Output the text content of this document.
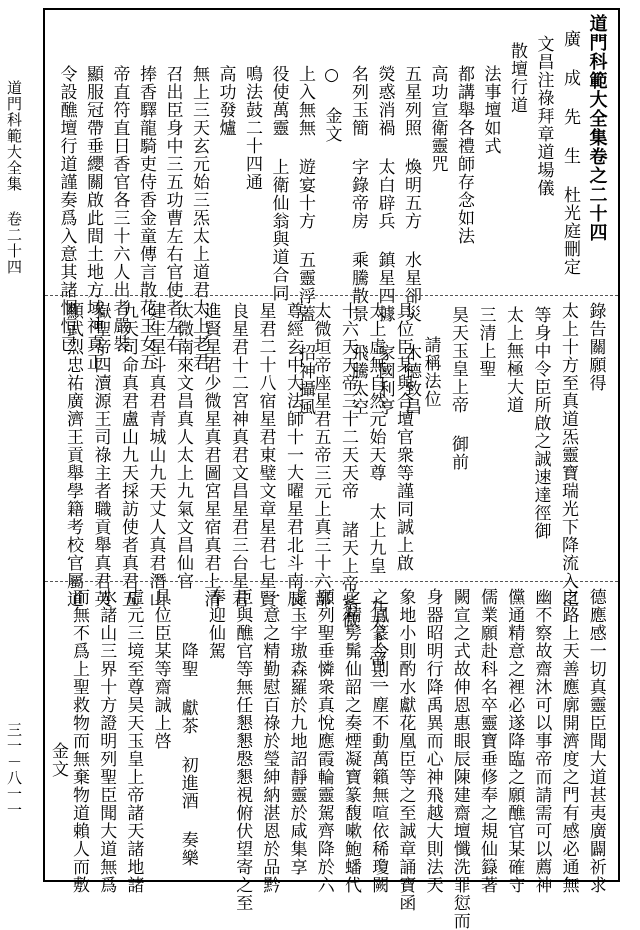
道門科範大全集 卷二十四
三一－八一一
道門科範大全集卷之二十四
廣 成 先 生 杜光庭刪定
文昌注祿拜章道場儀
散壇行道
法事壇如式
都講舉各禮師存念如法
高功宣衛靈咒
五星列照 煥明五方 水星卻災 木德致昌
熒惑消禍 太白辟兵 鎮星四據 家國利亨
名列玉簡 字錄帝房 乘騰散景 飛騰太空
○ 金文
上入無無 遊宴十方 五靈浮蓋 招神攝風
役使萬靈 上衛仙翁與道合同
鳴法鼓二十四通
高功發爐
無上三天玄元始三炁太上道君太上老君
召出臣身中三五功曹左右官使者左右
捧香驛龍騎吏侍香金童傳言散花玉女五
帝直符直日香官各三十六人出者嚴裝
顯服冠帶垂纓關啟此間土地方域神真正
令設醮壇行道謹奏爲入意其諸悃恒已	錄告關願得
太上十方至真道炁靈寶瑞光下降流入臣
等身中令臣所啟之誠速達徑御
太上無極大道
三清上聖
昊天玉皇上帝 御前
請稱法位
具位臣某與合壇官衆等謹同誠上啟
太上虛無自然元始天尊 太上九皇 九天上帝三
十六天天帝三十二天天帝 諸天上帝紫微
太微垣帝座星君五帝三元上真三十六部
尊經玄中大法師十一大曜星君北斗南辰
星君二十八宿星君東璧文章星君七星賢
良星君十二宮神真君文昌星君三台星君
進賢星君少微星真君圖宮星宿真君上清
太微南來文昌真人太上九氣文昌仙官
建生星斗真君青城山九天丈人真君潛山
九天司命真君盧山九天採訪使者真君五
嶽聖帝四瀆源王司祿主者職貢舉真君英
顯武烈忠祐廣濟王貢舉學籍考校官屬道
德應感一切真靈臣聞大道甚夷廣闢祈求
之路上天善應廓開濟度之門有感必通無
幽不察故齋沐可以事帝而請需可以薦神
儻通精意之裡必遂降臨之願醮官某確守
儒業願赴科名卒靈寶垂修奉之規仙籙著
闕宣之式故伸恩惠眼辰陳建齋壇懺洗罪愆而
身器昭明行降禹異而心神飛越大則法天
象地小則酌水獻花凰臣等之至誠章誦寶函
之鳳篆今則一塵不動萬籟無喧依稀瓊闕
之精髣髴仙韶之奏煙凝寶篆馥嗽鮑蟠代
願列聖垂憐衆真悅應霞輪靈駕齊降於六
虛玉宇璈森羅於九地詔靜靈於咸集享
一意之精勤慰百祿於瑩紳納湛恩於品黔
臣與醮官等無任懇懇慇懇視俯伏望寄之至
奉迎仙駕
降聖 獻茶 初進酒 奏樂
具位臣某等齋誠上啓
虛元三境至尊昊天玉皇上帝諸天諸地諸
水諸山三界十方證明列聖臣聞大道無爲
而無不爲上聖救物而無棄物道賴人而敷
金文
